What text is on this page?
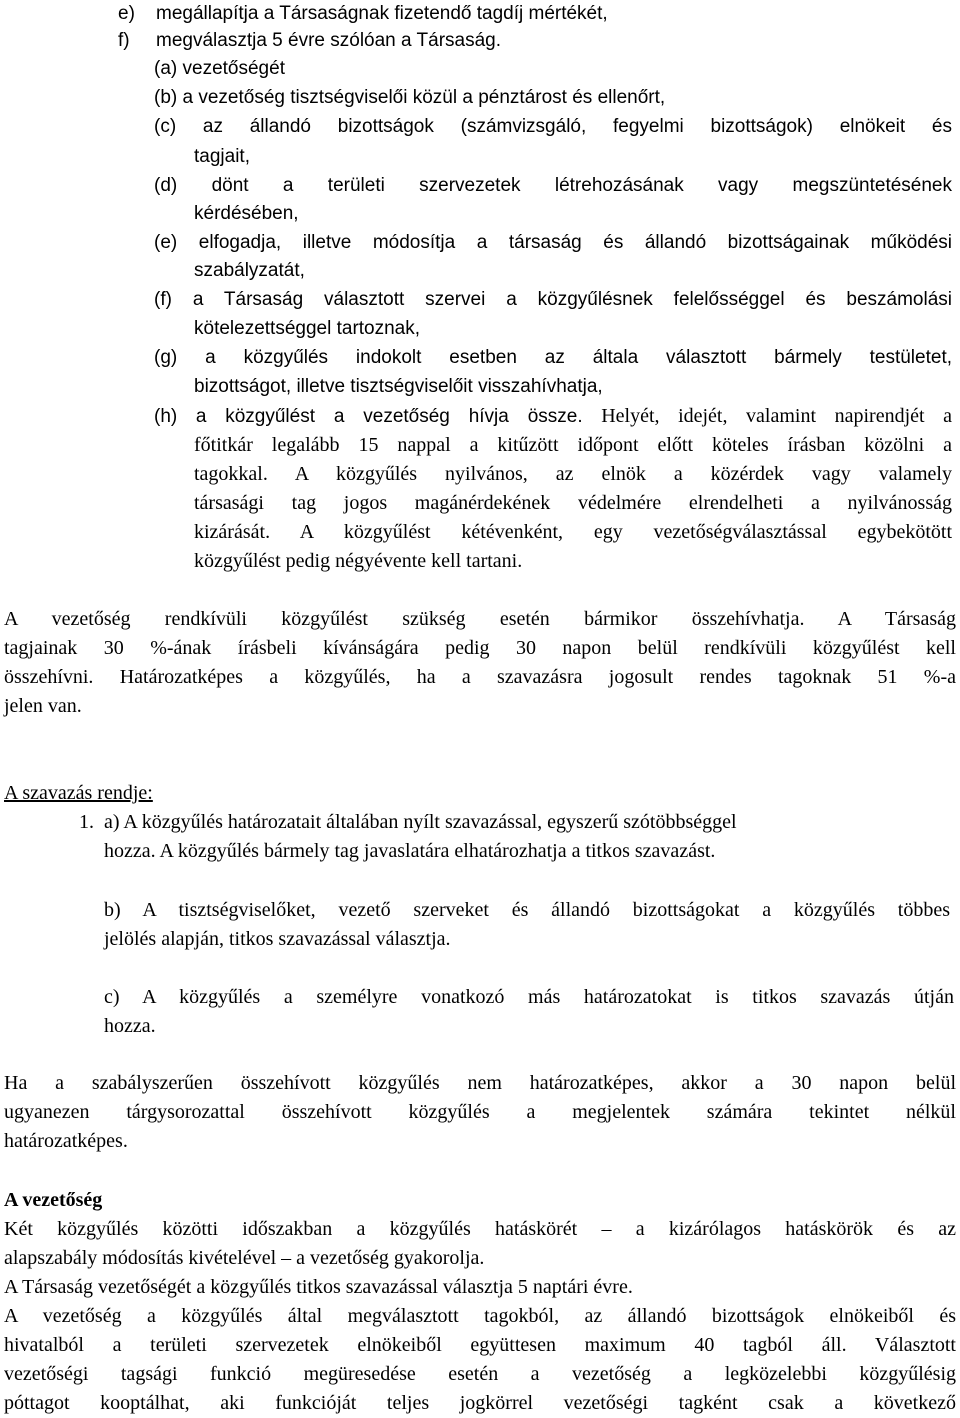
e) megállapítja a Társaságnak fizetendő tagdíj mértékét,
f) megválasztja 5 évre szólóan a Társaság.
(a) vezetőségét
(b) a vezetőség tisztségviselői közül a pénztárost és ellenőrt,
(c) az állandó bizottságok (számvizsgáló, fegyelmi bizottságok) elnökeit és
tagjait,
(d) dönt a területi szervezetek létrehozásának vagy megszüntetésének
kérdésében,
(e) elfogadja, illetve módosítja a társaság és állandó bizottságainak működési
szabályzatát,
(f) a Társaság választott szervei a közgyűlésnek felelősséggel és beszámolási
kötelezettséggel tartoznak,
(g) a közgyűlés indokolt esetben az általa választott bármely testületet,
bizottságot, illetve tisztségviselőit visszahívhatja,
(h) a közgyűlést a vezetőség hívja össze. Helyét, idejét, valamint napirendjét a
főtitkár legalább 15 nappal a kitűzött időpont előtt köteles írásban közölni a
tagokkal. A közgyűlés nyilvános, az elnök a közérdek vagy valamely
társasági tag jogos magánérdekének védelmére elrendelheti a nyilvánosság
kizárását. A közgyűlést kétévenként, egy vezetőségválasztással egybekötött
közgyűlést pedig négyévente kell tartani.
A vezetőség rendkívüli közgyűlést szükség esetén bármikor összehívhatja. A Társaság
tagjainak 30 %-ának írásbeli kívánságára pedig 30 napon belül rendkívüli közgyűlést kell
összehívni. Határozatképes a közgyűlés, ha a szavazásra jogosult rendes tagoknak 51 %-a
jelen van.
A szavazás rendje:
1. a) A közgyűlés határozatait általában nyílt szavazással, egyszerű szótöbbséggel
hozza. A közgyűlés bármely tag javaslatára elhatározhatja a titkos szavazást.
b) A tisztségviselőket, vezető szerveket és állandó bizottságokat a közgyűlés többes
jelölés alapján, titkos szavazással választja.
c) A közgyűlés a személyre vonatkozó más határozatokat is titkos szavazás útján
hozza.
Ha a szabályszerűen összehívott közgyűlés nem határozatképes, akkor a 30 napon belül
ugyanezen tárgysorozattal összehívott közgyűlés a megjelentek számára tekintet nélkül
határozatképes.
A vezetőség
Két közgyűlés közötti időszakban a közgyűlés hatáskörét – a kizárólagos hatáskörök és az
alapszabály módosítás kivételével – a vezetőség gyakorolja.
A Társaság vezetőségét a közgyűlés titkos szavazással választja 5 naptári évre.
A vezetőség a közgyűlés által megválasztott tagokból, az állandó bizottságok elnökeiből és
hivatalból a területi szervezetek elnökeiből együttesen maximum 40 tagból áll. Választott
vezetőségi tagsági funkció megüresedése esetén a vezetőség a legközelebbi közgyűlésig
póttagot kooptálhat, aki funkcióját teljes jogkörrel vezetőségi tagként csak a következő
